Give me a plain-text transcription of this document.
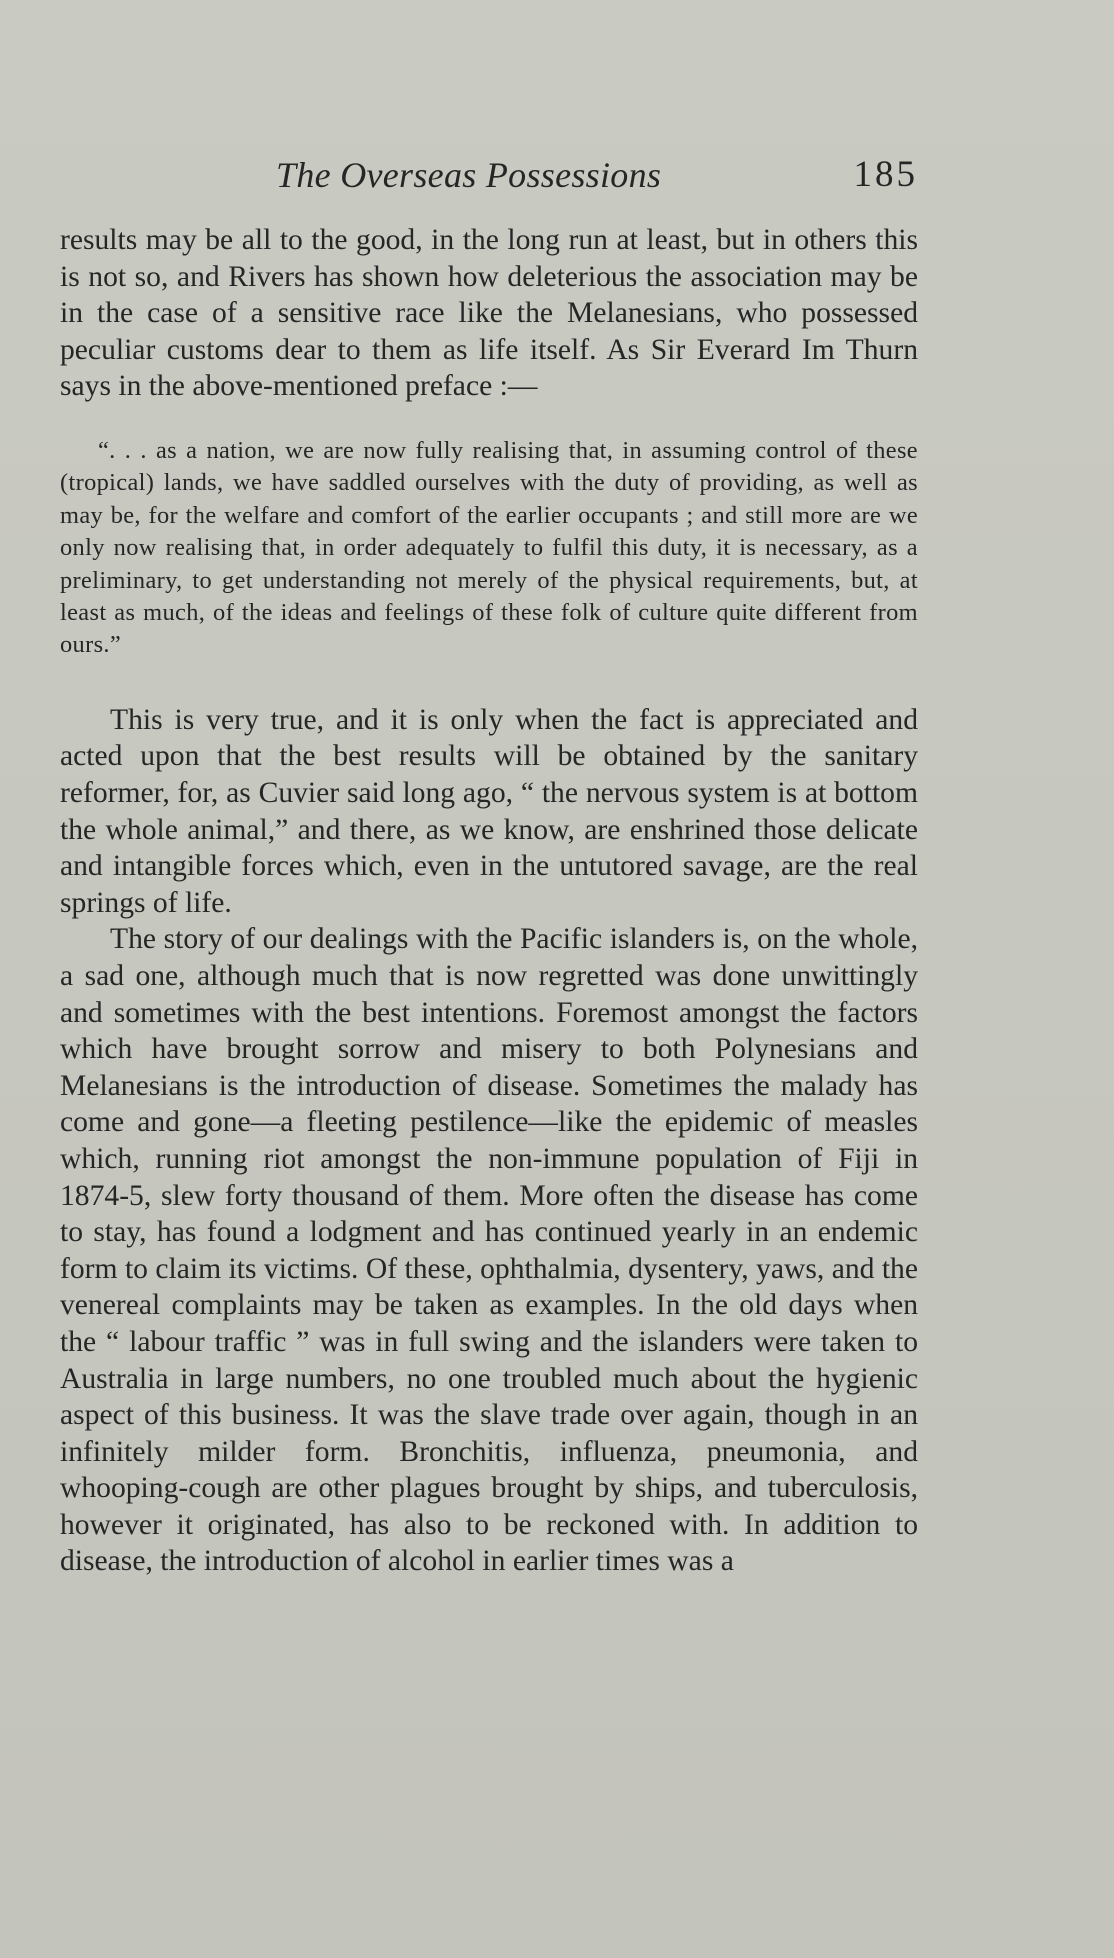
The Overseas Possessions	185

results may be all to the good, in the long run at least, but in others this is not so, and Rivers has shown how deleterious the association may be in the case of a sensitive race like the Melanesians, who possessed peculiar customs dear to them as life itself. As Sir Everard Im Thurn says in the above-mentioned preface :—

“. . . as a nation, we are now fully realising that, in assuming control of these (tropical) lands, we have saddled ourselves with the duty of providing, as well as may be, for the welfare and comfort of the earlier occupants ; and still more are we only now realising that, in order adequately to fulfil this duty, it is necessary, as a preliminary, to get understanding not merely of the physical requirements, but, at least as much, of the ideas and feelings of these folk of culture quite different from ours.”

This is very true, and it is only when the fact is appreciated and acted upon that the best results will be obtained by the sanitary reformer, for, as Cuvier said long ago, “ the nervous system is at bottom the whole animal,” and there, as we know, are enshrined those delicate and intangible forces which, even in the untutored savage, are the real springs of life.

The story of our dealings with the Pacific islanders is, on the whole, a sad one, although much that is now regretted was done unwittingly and sometimes with the best intentions. Foremost amongst the factors which have brought sorrow and misery to both Polynesians and Melanesians is the introduction of disease. Sometimes the malady has come and gone—a fleeting pestilence—like the epidemic of measles which, running riot amongst the non-immune population of Fiji in 1874-5, slew forty thousand of them. More often the disease has come to stay, has found a lodgment and has continued yearly in an endemic form to claim its victims. Of these, ophthalmia, dysentery, yaws, and the venereal complaints may be taken as examples. In the old days when the “ labour traffic ” was in full swing and the islanders were taken to Australia in large numbers, no one troubled much about the hygienic aspect of this business. It was the slave trade over again, though in an infinitely milder form. Bronchitis, influenza, pneumonia, and whooping-cough are other plagues brought by ships, and tuberculosis, however it originated, has also to be reckoned with. In addition to disease, the introduction of alcohol in earlier times was a
